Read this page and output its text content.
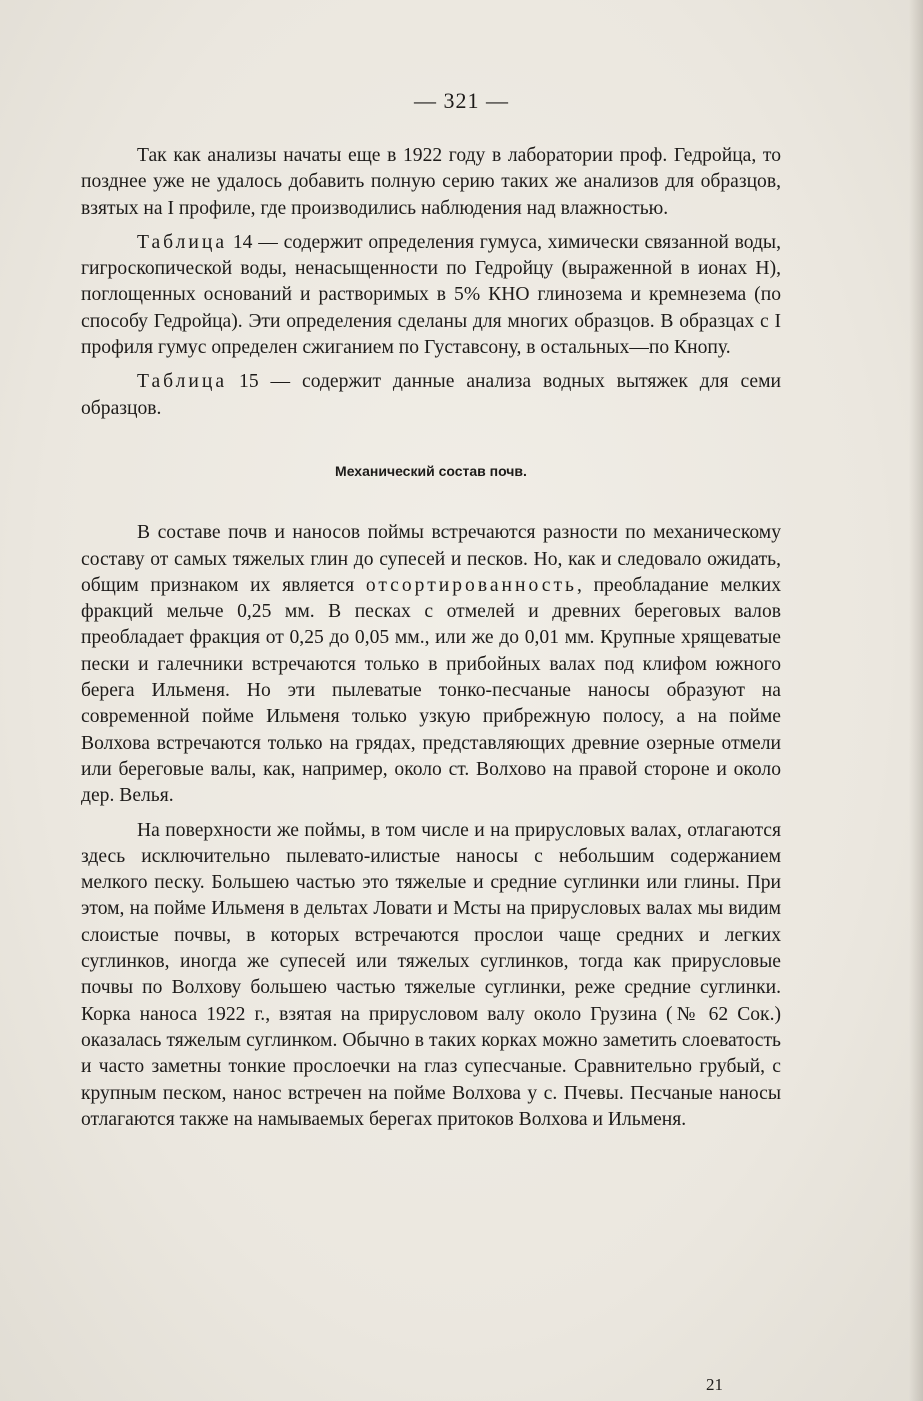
— 321 —

Так как анализы начаты еще в 1922 году в лаборатории проф. Гедройца, то позднее уже не удалось добавить полную серию таких же анализов для образцов, взятых на I профиле, где производились наблюдения над влажностью.

Таблица 14 — содержит определения гумуса, химически связанной воды, гигроскопической воды, ненасыщенности по Гедройцу (выраженной в ионах H), поглощенных оснований и растворимых в 5% КНО глинозема и кремнезема (по способу Гедройца). Эти определения сделаны для многих образцов. В образцах с I профиля гумус определен сжиганием по Густавсону, в остальных—по Кнопу.

Таблица 15 — содержит данные анализа водных вытяжек для семи образцов.

Механический состав почв.

В составе почв и наносов поймы встречаются разности по механическому составу от самых тяжелых глин до супесей и песков. Но, как и следовало ожидать, общим признаком их является отсортированность, преобладание мелких фракций мельче 0,25 мм. В песках с отмелей и древних береговых валов преобладает фракция от 0,25 до 0,05 мм., или же до 0,01 мм. Крупные хрящеватые пески и галечники встречаются только в прибойных валах под клифом южного берега Ильменя. Но эти пылеватые тонко-песчаные наносы образуют на современной пойме Ильменя только узкую прибрежную полосу, а на пойме Волхова встречаются только на грядах, представляющих древние озерные отмели или береговые валы, как, например, около ст. Волхово на правой стороне и около дер. Велья.

На поверхности же поймы, в том числе и на прирусловых валах, отлагаются здесь исключительно пылевато-илистые наносы с небольшим содержанием мелкого песку. Большею частью это тяжелые и средние суглинки или глины. При этом, на пойме Ильменя в дельтах Ловати и Мсты на прирусловых валах мы видим слоистые почвы, в которых встречаются прослои чаще средних и легких суглинков, иногда же супесей или тяжелых суглинков, тогда как прирусловые почвы по Волхову большею частью тяжелые суглинки, реже средние суглинки. Корка наноса 1922 г., взятая на прирусловом валу около Грузина (№ 62 Сок.) оказалась тяжелым суглинком. Обычно в таких корках можно заметить слоеватость и часто заметны тонкие прослоечки на глаз супесчаные. Сравнительно грубый, с крупным песком, нанос встречен на пойме Волхова у с. Пчевы. Песчаные наносы отлагаются также на намываемых берегах притоков Волхова и Ильменя.

21
